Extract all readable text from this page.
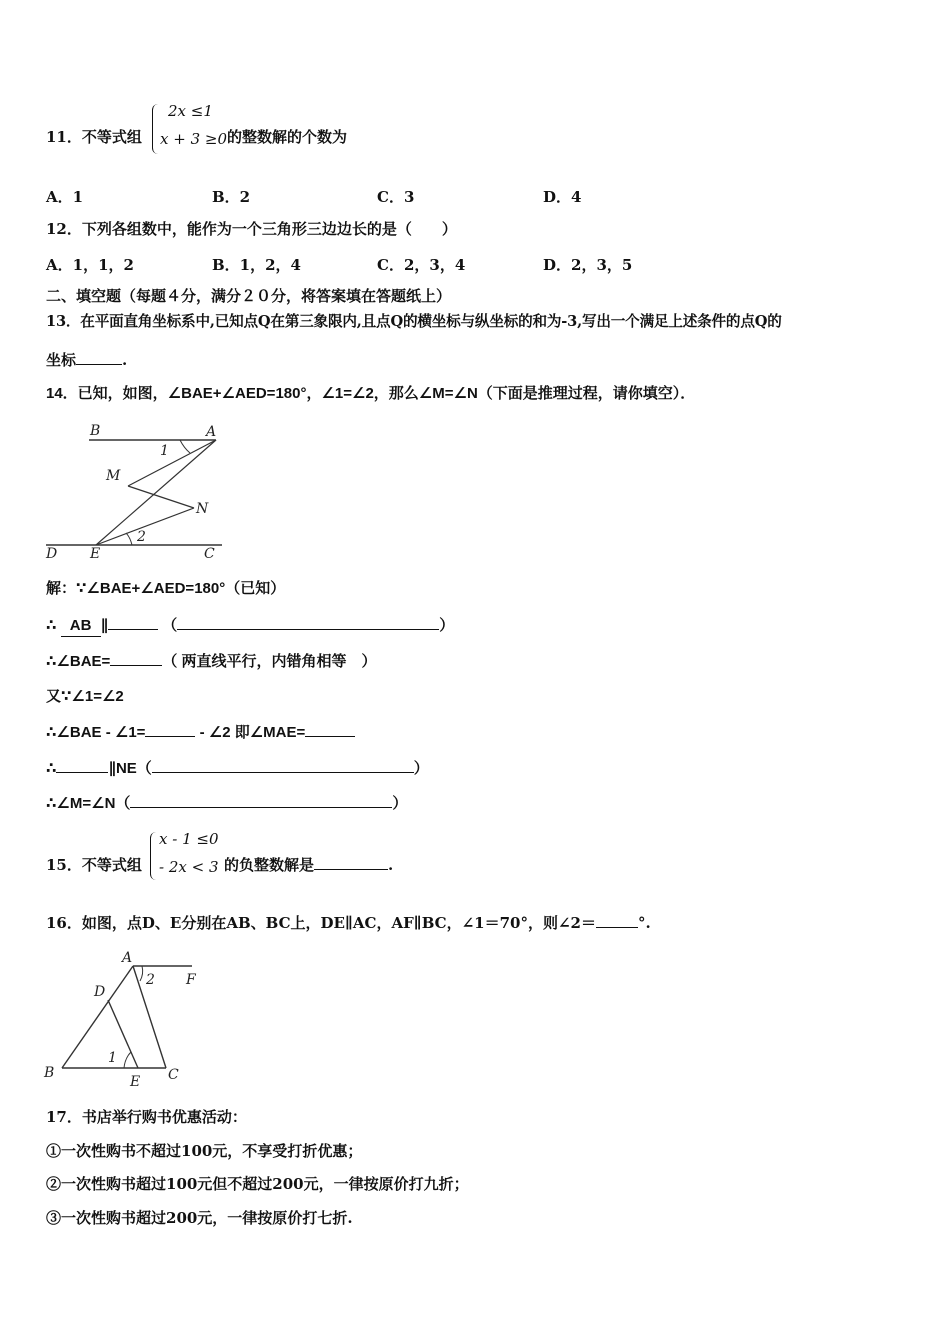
11．不等式组
2x ≤1
x + 3 ≥0 的整数解的个数为
A．1	B．2	C．3	D．4
12．下列各组数中，能作为一个三角形三边边长的是（　　）
A．1，1，2	B．1，2，4	C．2，3，4	D．2，3，5
二、填空题（每题４分，满分２０分，将答案填在答题纸上）
13．在平面直角坐标系中,已知点Q在第三象限内,且点Q的横坐标与纵坐标的和为-3,写出一个满足上述条件的点Q的
坐标	.
14．已知，如图，∠BAE+∠AED=180°，∠1=∠2，那么∠M=∠N（下面是推理过程，请你填空）．
B	A
M
N
D E	C
1
2
解：∵∠BAE+∠AED=180°（已知）
∴ AB ∥	（	）
∴∠BAE=	（ 两直线平行，内错角相等　）
又∵∠1=∠2
∴∠BAE - ∠1=	- ∠2 即∠MAE=
∴	∥NE（	）
∴∠M=∠N（	）
15．不等式组
x - 1 ≤0
- 2x < 3 的负整数解是	.
16．如图，点D、E分别在AB、BC上，DE∥AC，AF∥BC，∠1＝70°，则∠2＝	°.
A
F
D
B
E C
1
2
17．书店举行购书优惠活动：
①一次性购书不超过100元，不享受打折优惠；
②一次性购书超过100元但不超过200元，一律按原价打九折；
③一次性购书超过200元，一律按原价打七折.
